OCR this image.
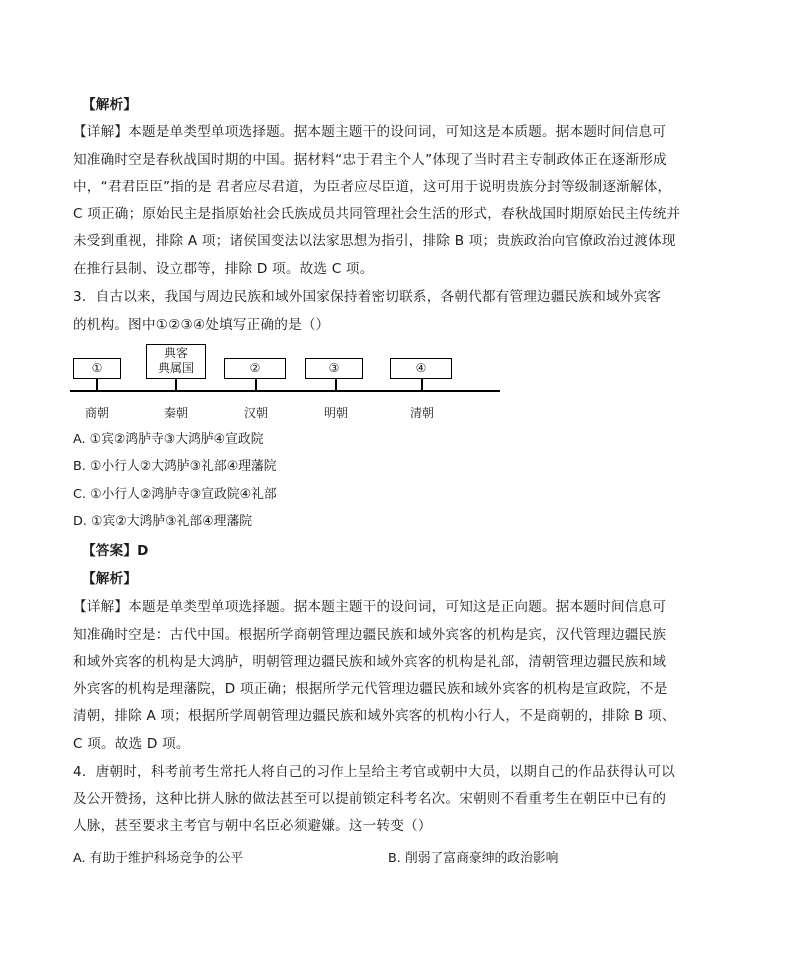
【解析】
【详解】本题是单类型单项选择题。据本题主题干的设问词，可知这是本质题。据本题时间信息可
知准确时空是春秋战国时期的中国。据材料“忠于君主个人”体现了当时君主专制政体正在逐渐形成
中，“君君臣臣”指的是 君者应尽君道，为臣者应尽臣道，这可用于说明贵族分封等级制逐渐解体，
C 项正确；原始民主是指原始社会氏族成员共同管理社会生活的形式，春秋战国时期原始民主传统并
未受到重视，排除 A 项；诸侯国变法以法家思想为指引，排除 B 项；贵族政治向官僚政治过渡体现
在推行县制、设立郡等，排除 D 项。故选 C 项。
3．自古以来，我国与周边民族和域外国家保持着密切联系，各朝代都有管理边疆民族和域外宾客
的机构。图中①②③④处填写正确的是（）
①
典客
典属国	②	③	④
商朝	秦朝	汉朝	明朝	清朝
A. ①宾②鸿胪寺③大鸿胪④宣政院
B. ①小行人②大鸿胪③礼部④理藩院
C. ①小行人②鸿胪寺③宣政院④礼部
D. ①宾②大鸿胪③礼部④理藩院
【答案】D
【解析】
【详解】本题是单类型单项选择题。据本题主题干的设问词，可知这是正向题。据本题时间信息可
知准确时空是：古代中国。根据所学商朝管理边疆民族和域外宾客的机构是宾，汉代管理边疆民族
和域外宾客的机构是大鸿胪，明朝管理边疆民族和域外宾客的机构是礼部，清朝管理边疆民族和域
外宾客的机构是理藩院，D 项正确；根据所学元代管理边疆民族和域外宾客的机构是宣政院，不是
清朝，排除 A 项；根据所学周朝管理边疆民族和域外宾客的机构小行人，不是商朝的，排除 B 项、
C 项。故选 D 项。
4．唐朝时，科考前考生常托人将自己的习作上呈给主考官或朝中大员，以期自己的作品获得认可以
及公开赞扬，这种比拼人脉的做法甚至可以提前锁定科考名次。宋朝则不看重考生在朝臣中已有的
人脉，甚至要求主考官与朝中名臣必须避嫌。这一转变（）
A. 有助于维护科场竞争的公平	B. 削弱了富商豪绅的政治影响
